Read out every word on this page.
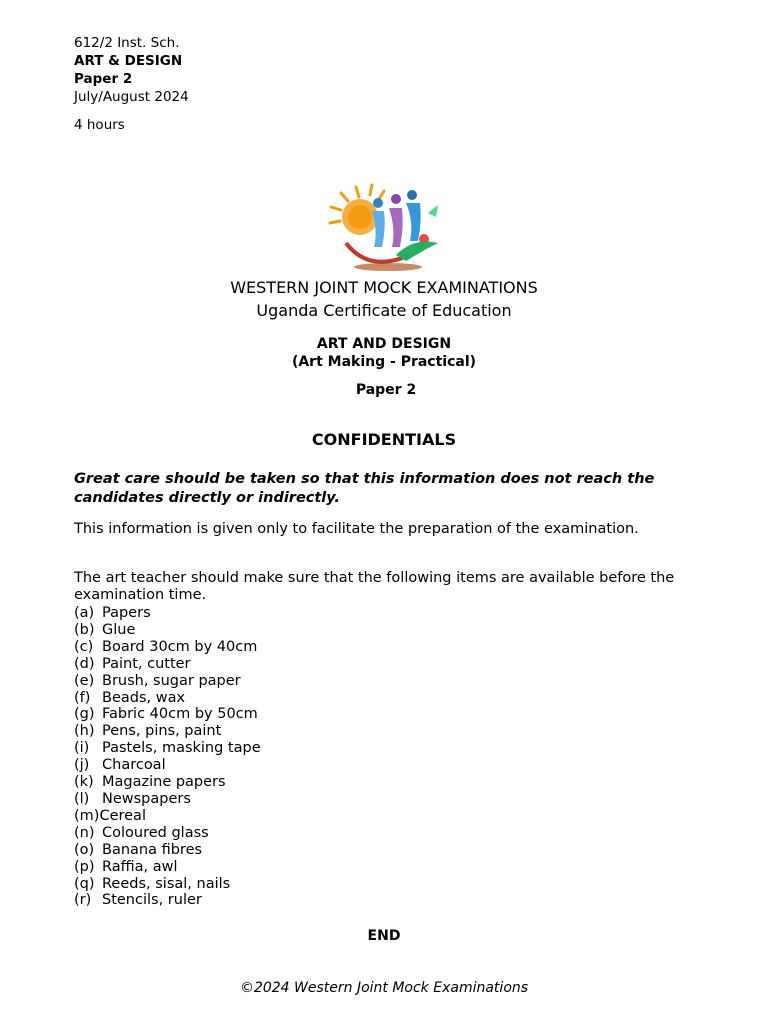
612/2 Inst. Sch.
ART & DESIGN
Paper 2
July/August 2024
4 hours
WESTERN JOINT MOCK EXAMINATIONS
Uganda Certificate of Education
ART AND DESIGN
(Art Making - Practical)
Paper 2
CONFIDENTIALS
Great care should be taken so that this information does not reach the candidates directly or indirectly.
This information is given only to facilitate the preparation of the examination.
The art teacher should make sure that the following items are available before the examination time.
(a) Papers
(b) Glue
(c) Board 30cm by 40cm
(d) Paint, cutter
(e) Brush, sugar paper
(f) Beads, wax
(g) Fabric 40cm by 50cm
(h) Pens, pins, paint
(i) Pastels, masking tape
(j) Charcoal
(k) Magazine papers
(l) Newspapers
(m) Cereal
(n) Coloured glass
(o) Banana fibres
(p) Raffia, awl
(q) Reeds, sisal, nails
(r) Stencils, ruler
END
©2024 Western Joint Mock Examinations
